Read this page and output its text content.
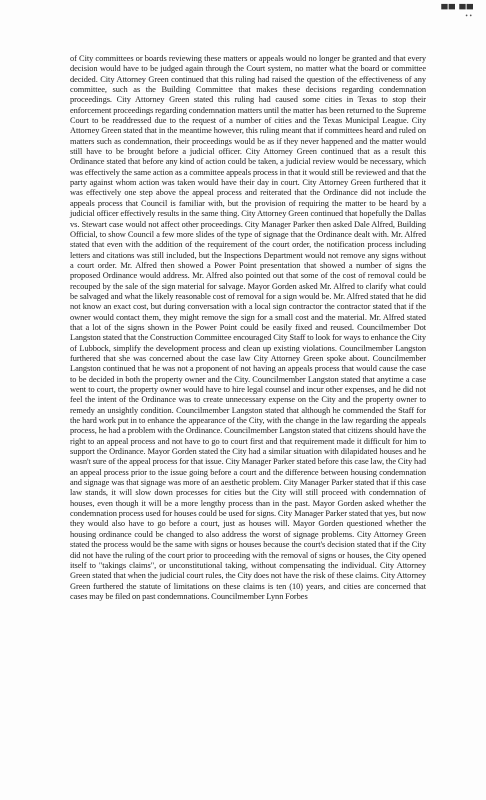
▀▀ ▀▀
• •
of City committees or boards reviewing these matters or appeals would no longer be granted and that every decision would have to be judged again through the Court system, no matter what the board or committee decided. City Attorney Green continued that this ruling had raised the question of the effectiveness of any committee, such as the Building Committee that makes these decisions regarding condemnation proceedings. City Attorney Green stated this ruling had caused some cities in Texas to stop their enforcement proceedings regarding condemnation matters until the matter has been returned to the Supreme Court to be readdressed due to the request of a number of cities and the Texas Municipal League. City Attorney Green stated that in the meantime however, this ruling meant that if committees heard and ruled on matters such as condemnation, their proceedings would be as if they never happened and the matter would still have to be brought before a judicial officer. City Attorney Green continued that as a result this Ordinance stated that before any kind of action could be taken, a judicial review would be necessary, which was effectively the same action as a committee appeals process in that it would still be reviewed and that the party against whom action was taken would have their day in court. City Attorney Green furthered that it was effectively one step above the appeal process and reiterated that the Ordinance did not include the appeals process that Council is familiar with, but the provision of requiring the matter to be heard by a judicial officer effectively results in the same thing. City Attorney Green continued that hopefully the Dallas vs. Stewart case would not affect other proceedings. City Manager Parker then asked Dale Alfred, Building Official, to show Council a few more slides of the type of signage that the Ordinance dealt with. Mr. Alfred stated that even with the addition of the requirement of the court order, the notification process including letters and citations was still included, but the Inspections Department would not remove any signs without a court order. Mr. Alfred then showed a Power Point presentation that showed a number of signs the proposed Ordinance would address. Mr. Alfred also pointed out that some of the cost of removal could be recouped by the sale of the sign material for salvage. Mayor Gorden asked Mr. Alfred to clarify what could be salvaged and what the likely reasonable cost of removal for a sign would be. Mr. Alfred stated that he did not know an exact cost, but during conversation with a local sign contractor the contractor stated that if the owner would contact them, they might remove the sign for a small cost and the material. Mr. Alfred stated that a lot of the signs shown in the Power Point could be easily fixed and reused. Councilmember Dot Langston stated that the Construction Committee encouraged City Staff to look for ways to enhance the City of Lubbock, simplify the development process and clean up existing violations. Councilmember Langston furthered that she was concerned about the case law City Attorney Green spoke about. Councilmember Langston continued that he was not a proponent of not having an appeals process that would cause the case to be decided in both the property owner and the City. Councilmember Langston stated that anytime a case went to court, the property owner would have to hire legal counsel and incur other expenses, and he did not feel the intent of the Ordinance was to create unnecessary expense on the City and the property owner to remedy an unsightly condition. Councilmember Langston stated that although he commended the Staff for the hard work put in to enhance the appearance of the City, with the change in the law regarding the appeals process, he had a problem with the Ordinance. Councilmember Langston stated that citizens should have the right to an appeal process and not have to go to court first and that requirement made it difficult for him to support the Ordinance. Mayor Gorden stated the City had a similar situation with dilapidated houses and he wasn't sure of the appeal process for that issue. City Manager Parker stated before this case law, the City had an appeal process prior to the issue going before a court and the difference between housing condemnation and signage was that signage was more of an aesthetic problem. City Manager Parker stated that if this case law stands, it will slow down processes for cities but the City will still proceed with condemnation of houses, even though it will be a more lengthy process than in the past. Mayor Gorden asked whether the condemnation process used for houses could be used for signs. City Manager Parker stated that yes, but now they would also have to go before a court, just as houses will. Mayor Gorden questioned whether the housing ordinance could be changed to also address the worst of signage problems. City Attorney Green stated the process would be the same with signs or houses because the court's decision stated that if the City did not have the ruling of the court prior to proceeding with the removal of signs or houses, the City opened itself to "takings claims", or unconstitutional taking, without compensating the individual. City Attorney Green stated that when the judicial court rules, the City does not have the risk of these claims. City Attorney Green furthered the statute of limitations on these claims is ten (10) years, and cities are concerned that cases may be filed on past condemnations. Councilmember Lynn Forbes
